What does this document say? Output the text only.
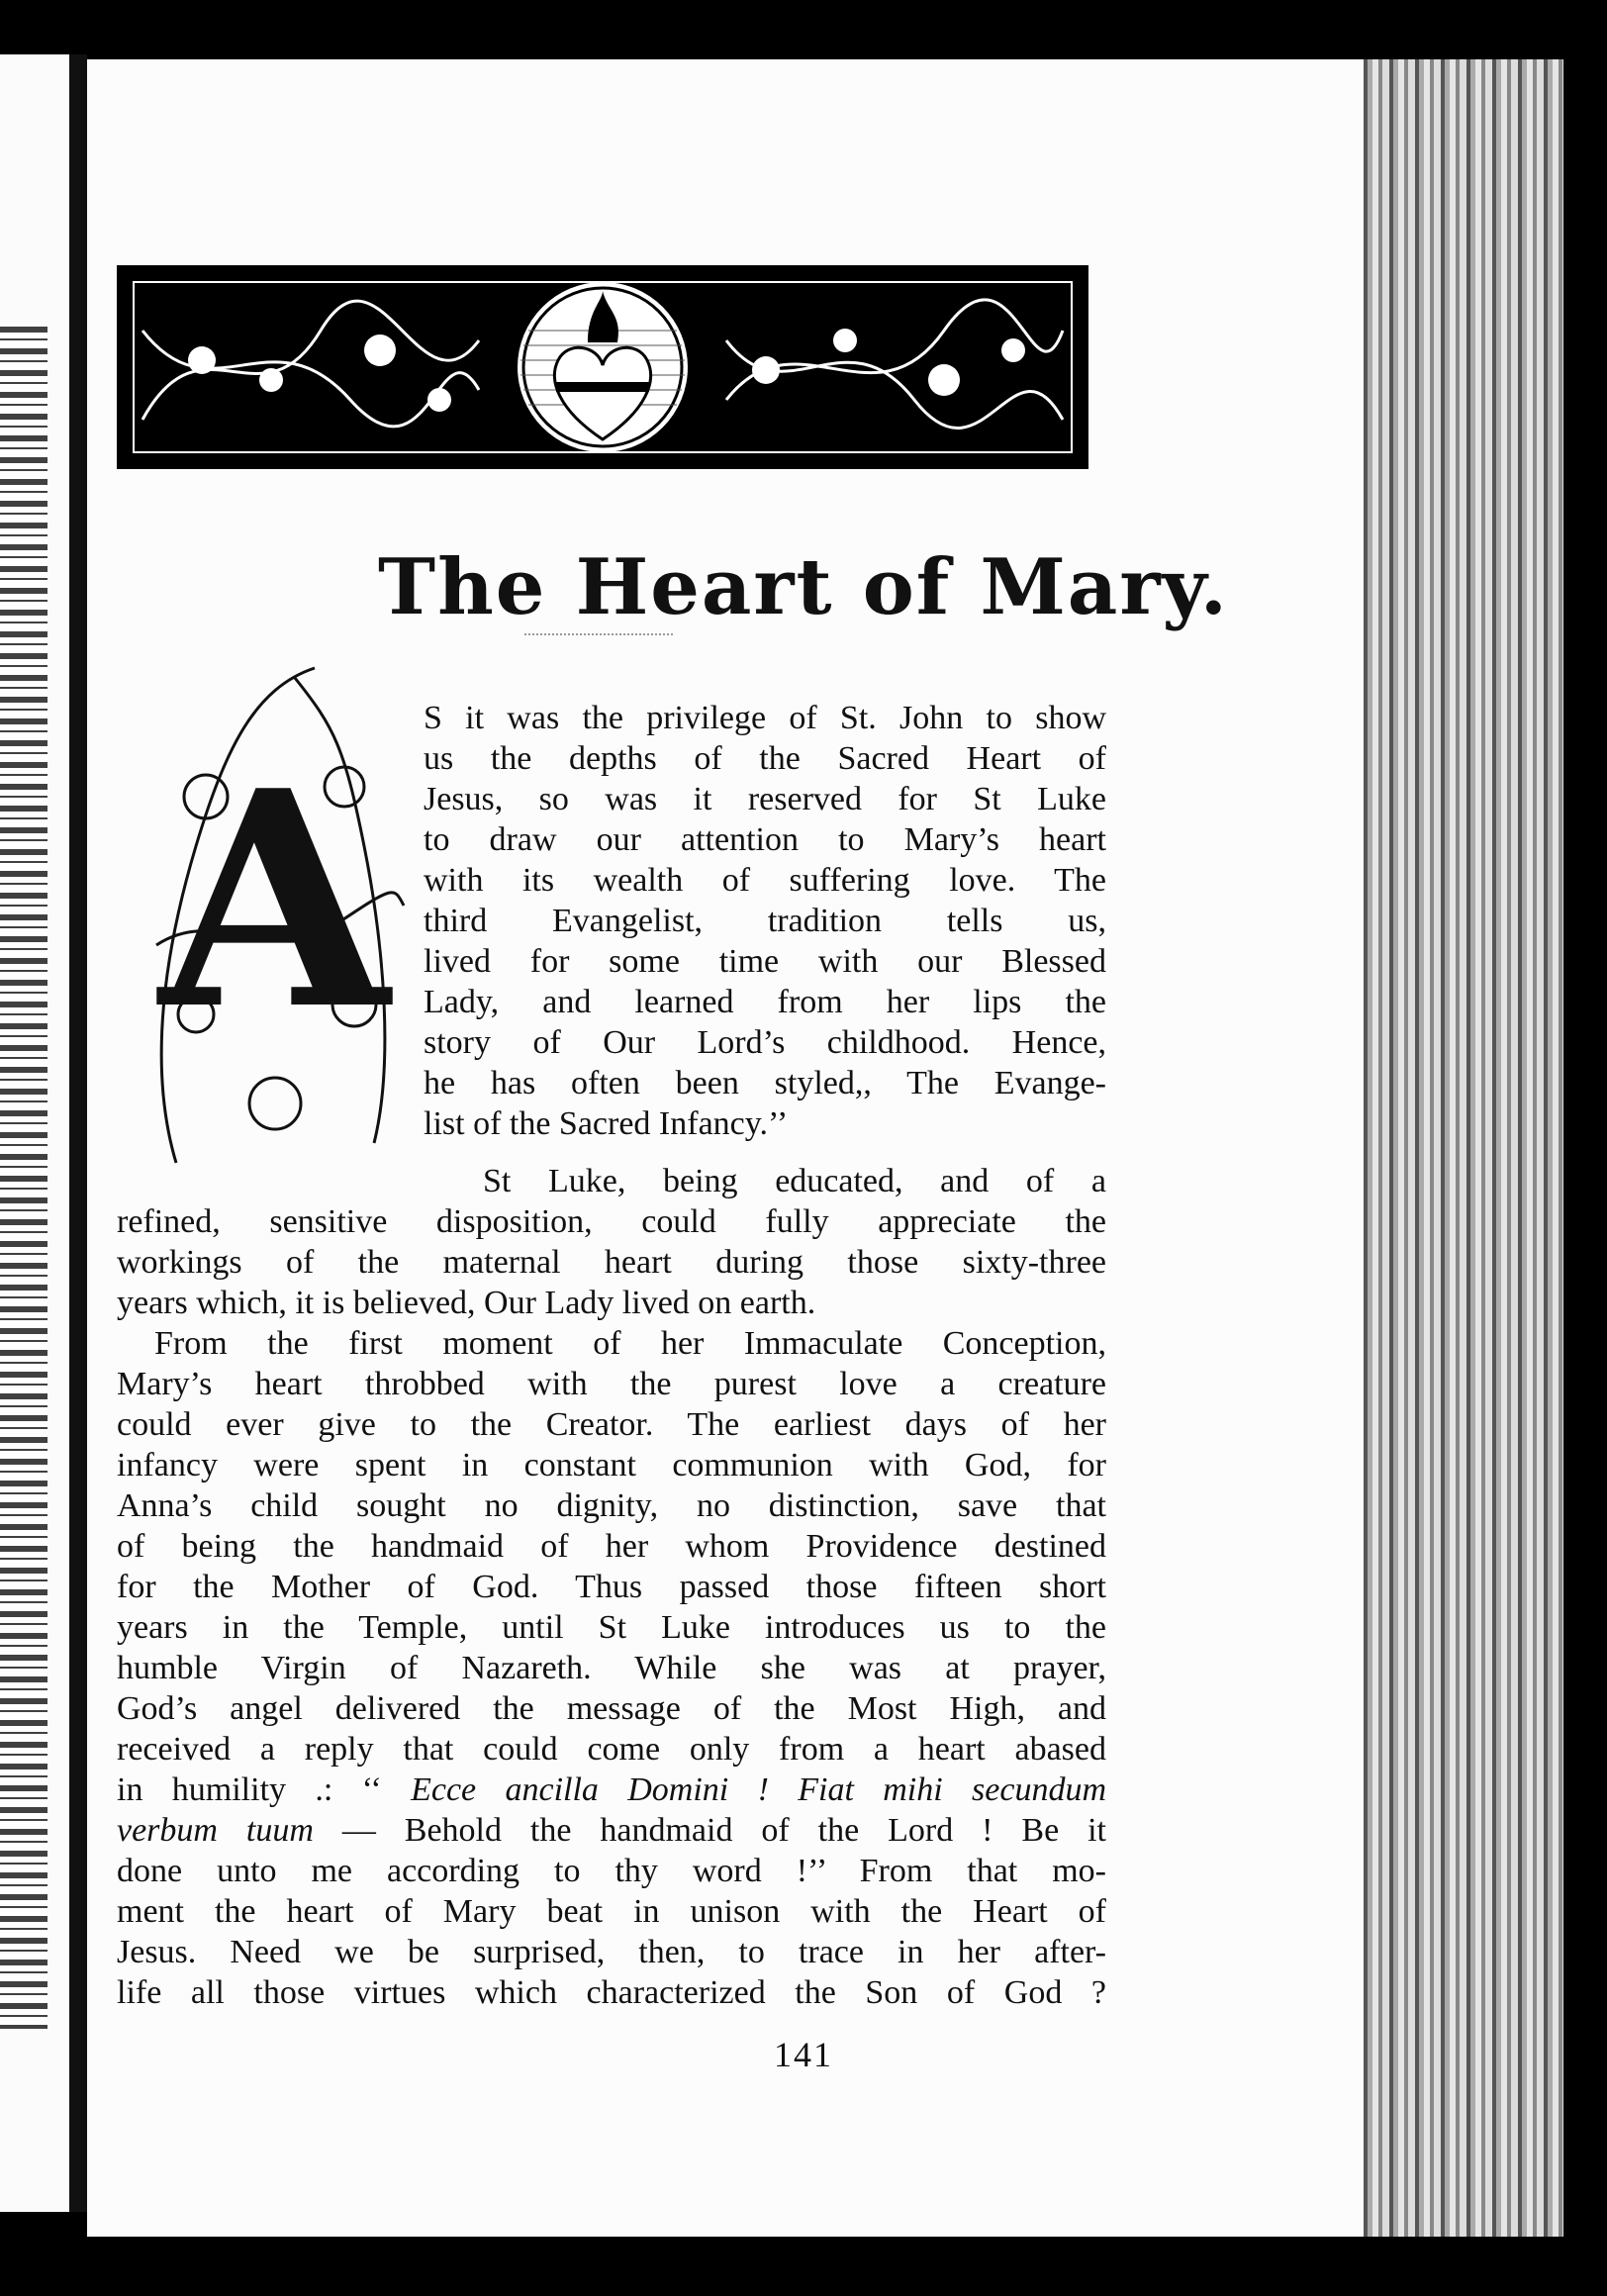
The Heart of Mary.
A
S it was the privilege of St. John to show
us the depths of the Sacred Heart of
Jesus, so was it reserved for St Luke
to draw our attention to Mary’s heart
with its wealth of suffering love. The
third Evangelist, tradition tells us,
lived for some time with our Blessed
Lady, and learned from her lips the
story of Our Lord’s childhood. Hence,
he has often been styled,, The Evange-
list of the Sacred Infancy.’’
St Luke, being educated, and of a
refined, sensitive disposition, could fully appreciate the
workings of the maternal heart during those sixty-three
years which, it is believed, Our Lady lived on earth.
From the first moment of her Immaculate Conception,
Mary’s heart throbbed with the purest love a creature
could ever give to the Creator. The earliest days of her
infancy were spent in constant communion with God, for
Anna’s child sought no dignity, no distinction, save that
of being the handmaid of her whom Providence destined
for the Mother of God. Thus passed those fifteen short
years in the Temple, until St Luke introduces us to the
humble Virgin of Nazareth. While she was at prayer,
God’s angel delivered the message of the Most High, and
received a reply that could come only from a heart abased
in humility .: ‘‘ Ecce ancilla Domini ! Fiat mihi secundum
verbum tuum — Behold the handmaid of the Lord ! Be it
done unto me according to thy word !’’ From that mo-
ment the heart of Mary beat in unison with the Heart of
Jesus. Need we be surprised, then, to trace in her after-
life all those virtues which characterized the Son of God ?
141
